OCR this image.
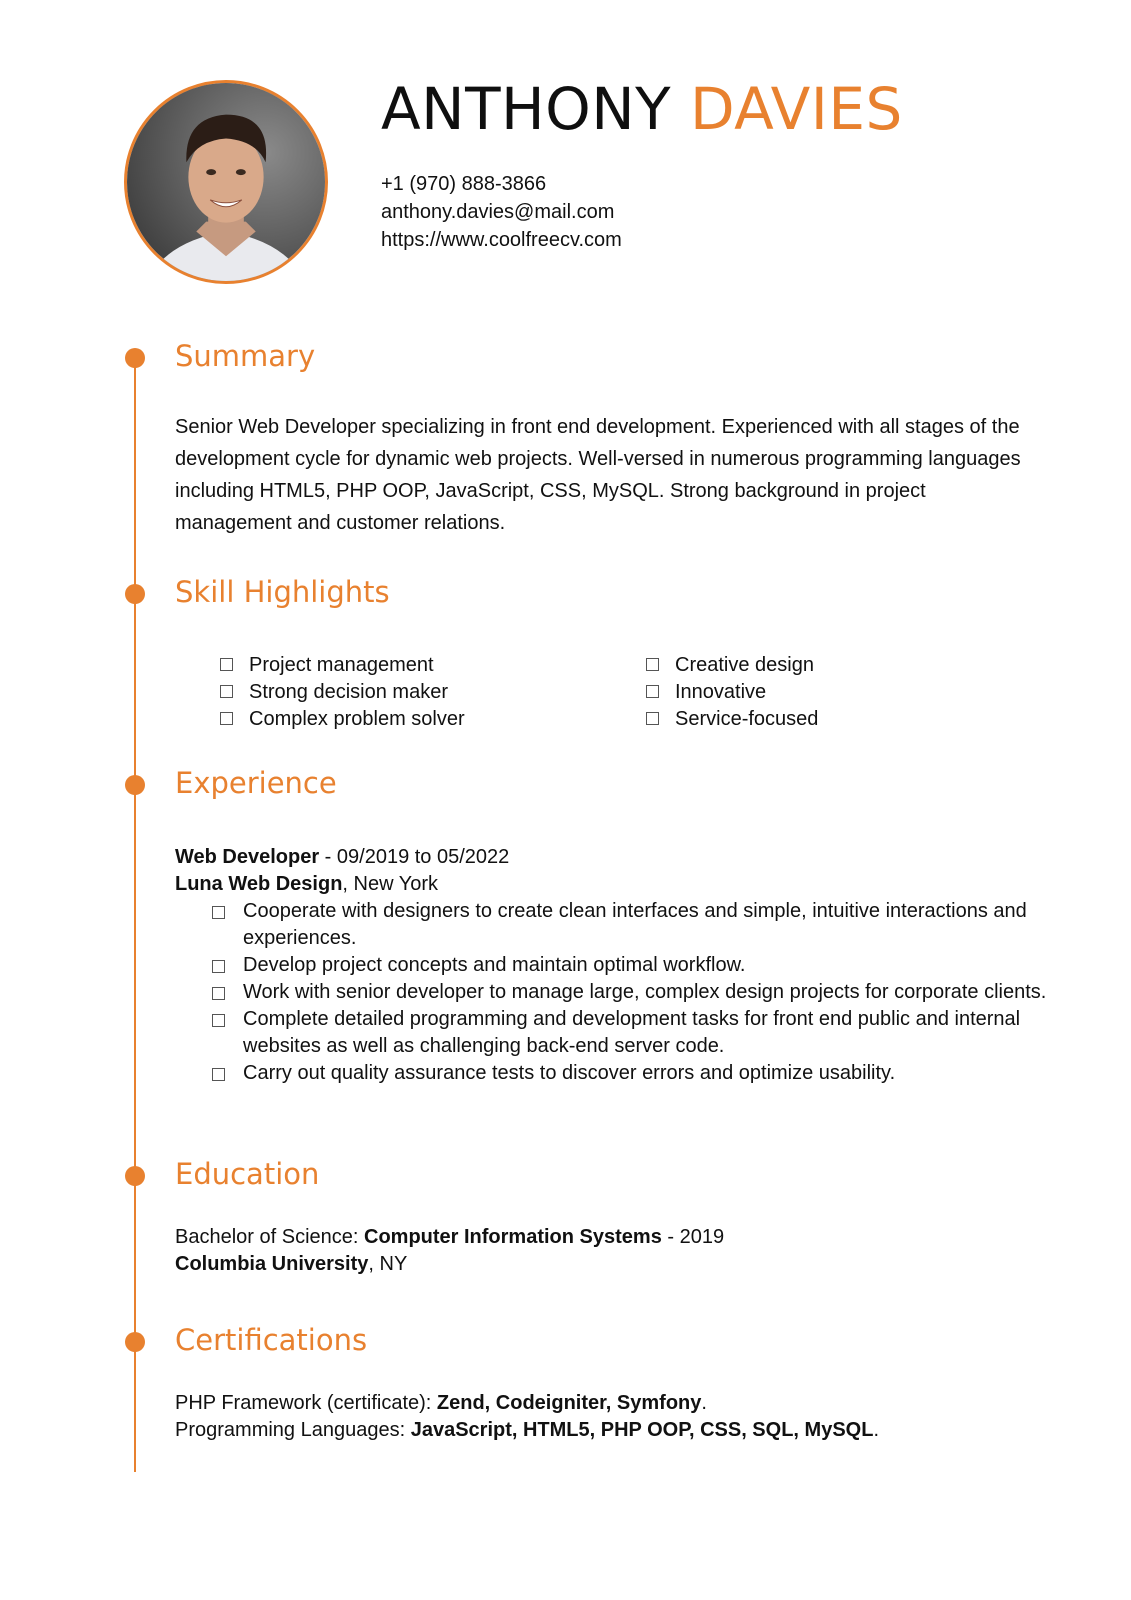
ANTHONY DAVIES
+1 (970) 888-3866
anthony.davies@mail.com
https://www.coolfreecv.com
Summary

Senior Web Developer specializing in front end development. Experienced with all stages of the development cycle for dynamic web projects. Well-versed in numerous programming languages including HTML5, PHP OOP, JavaScript, CSS, MySQL. Strong background in project management and customer relations.

Skill Highlights
Project management
Strong decision maker
Complex problem solver
Creative design
Innovative
Service-focused
Experience
Web Developer - 09/2019 to 05/2022
Luna Web Design, New York
Cooperate with designers to create clean interfaces and simple, intuitive interactions and experiences.
Develop project concepts and maintain optimal workflow.
Work with senior developer to manage large, complex design projects for corporate clients.
Complete detailed programming and development tasks for front end public and internal websites as well as challenging back-end server code.
Carry out quality assurance tests to discover errors and optimize usability.
Education
Bachelor of Science: Computer Information Systems - 2019
Columbia University, NY
Certifications
PHP Framework (certificate): Zend, Codeigniter, Symfony.
Programming Languages: JavaScript, HTML5, PHP OOP, CSS, SQL, MySQL.
